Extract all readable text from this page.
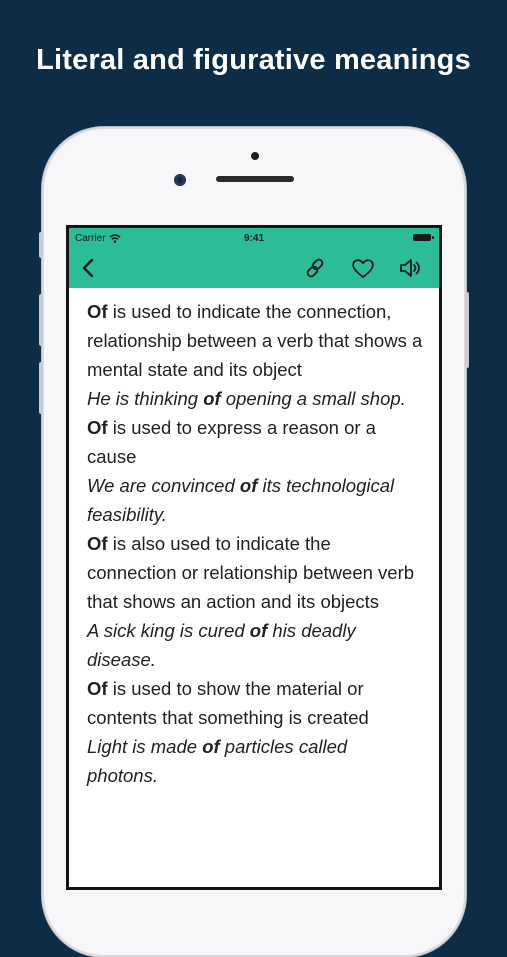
Literal and figurative meanings
Carrier	9:41

Of is used to indicate the connection, relationship between a verb that shows a mental state and its object

He is thinking of opening a small shop.

Of is used to express a reason or a cause

We are convinced of its technological feasibility.

Of is also used to indicate the connection or relationship between verb that shows an action and its objects

A sick king is cured of his deadly disease.

Of is used to show the material or contents that something is created

Light is made of particles called photons.
